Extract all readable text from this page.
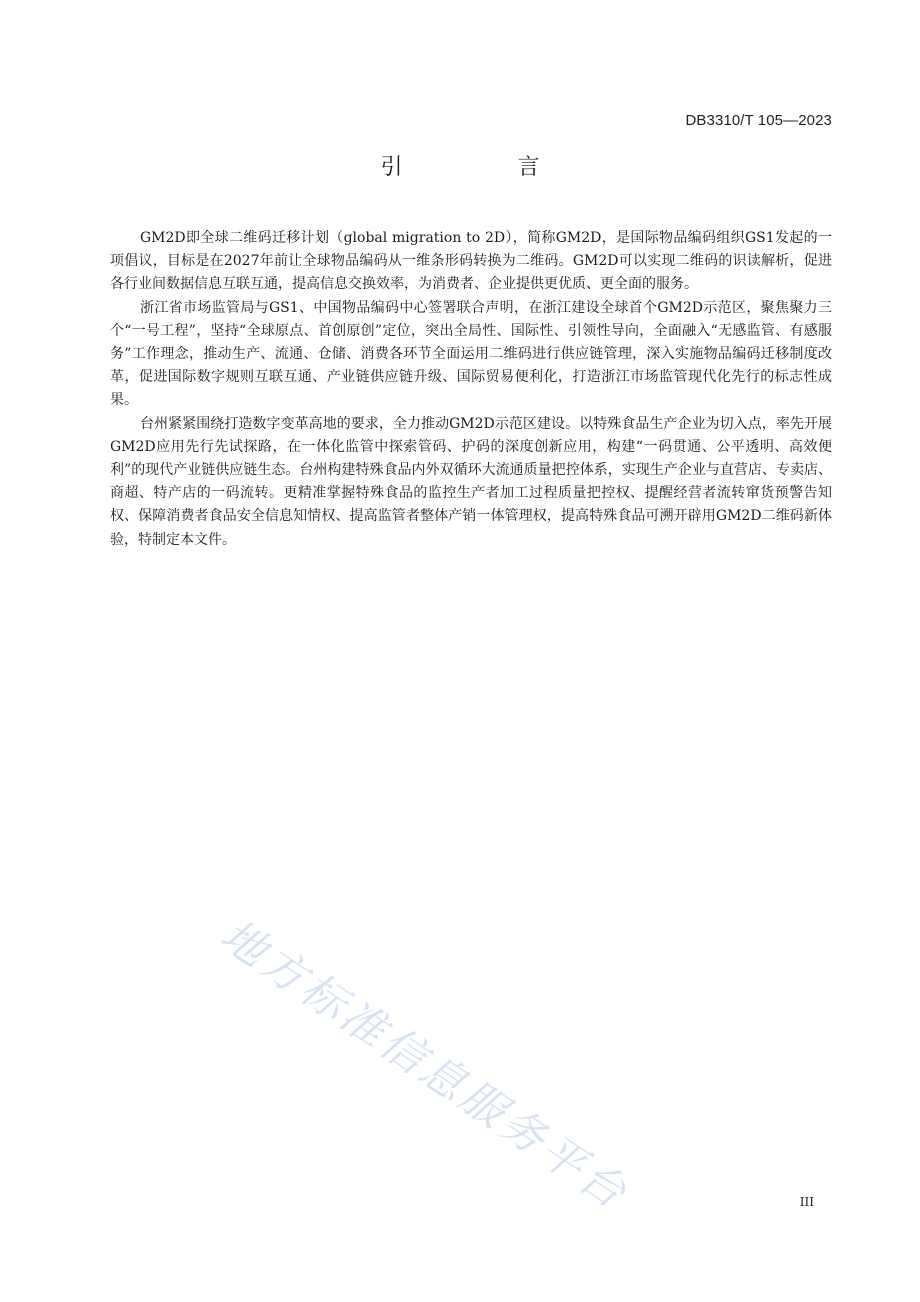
DB3310/T 105—2023
引 言

GM2D即全球二维码迁移计划（global migration to 2D），简称GM2D，是国际物品编码组织GS1发起的一项倡议，目标是在2027年前让全球物品编码从一维条形码转换为二维码。GM2D可以实现二维码的识读解析，促进各行业间数据信息互联互通，提高信息交换效率，为消费者、企业提供更优质、更全面的服务。

浙江省市场监管局与GS1、中国物品编码中心签署联合声明，在浙江建设全球首个GM2D示范区，聚焦聚力三个“一号工程”，坚持“全球原点、首创原创”定位，突出全局性、国际性、引领性导向，全面融入“无感监管、有感服务”工作理念，推动生产、流通、仓储、消费各环节全面运用二维码进行供应链管理，深入实施物品编码迁移制度改革，促进国际数字规则互联互通、产业链供应链升级、国际贸易便利化，打造浙江市场监管现代化先行的标志性成果。

台州紧紧围绕打造数字变革高地的要求，全力推动GM2D示范区建设。以特殊食品生产企业为切入点，率先开展GM2D应用先行先试探路，在一体化监管中探索管码、护码的深度创新应用，构建“一码贯通、公平透明、高效便利”的现代产业链供应链生态。台州构建特殊食品内外双循环大流通质量把控体系，实现生产企业与直营店、专卖店、商超、特产店的一码流转。更精准掌握特殊食品的监控生产者加工过程质量把控权、提醒经营者流转窜货预警告知权、保障消费者食品安全信息知情权、提高监管者整体产销一体管理权，提高特殊食品可溯开辟用GM2D二维码新体验，特制定本文件。

地方标准信息服务平台	III
